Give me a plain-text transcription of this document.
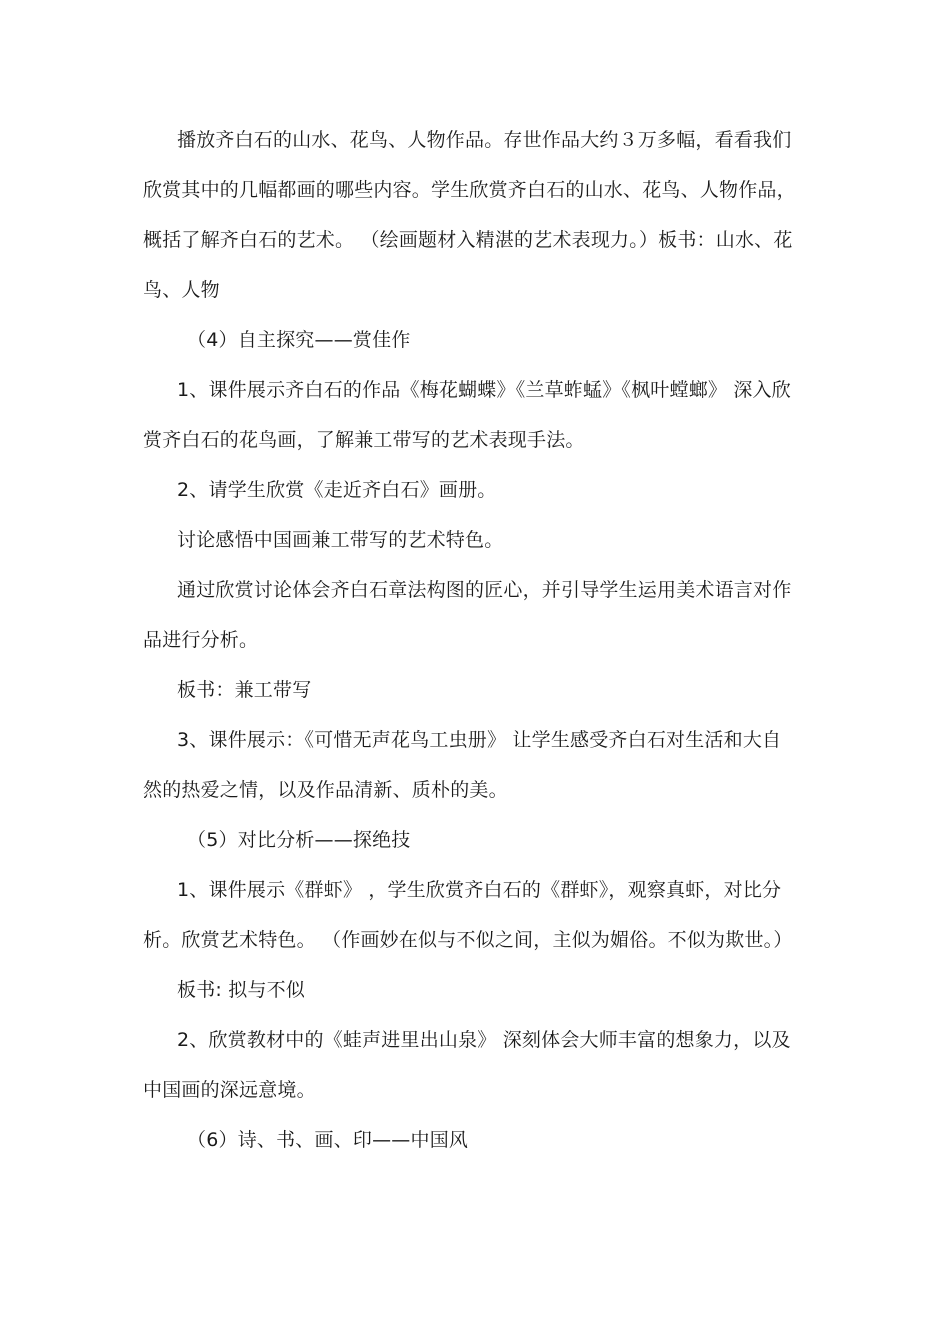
播放齐白石的山水、花鸟、人物作品。存世作品大约３万多幅，看看我们欣赏其中的几幅都画的哪些内容。学生欣赏齐白石的山水、花鸟、人物作品，概括了解齐白石的艺术。 （绘画题材入精湛的艺术表现力。）板书：山水、花鸟、人物

（4）自主探究——赏佳作

1、课件展示齐白石的作品《梅花蝴蝶》《兰草蚱蜢》《枫叶螳螂》 深入欣赏齐白石的花鸟画，了解兼工带写的艺术表现手法。

2、请学生欣赏《走近齐白石》画册。

讨论感悟中国画兼工带写的艺术特色。

通过欣赏讨论体会齐白石章法构图的匠心，并引导学生运用美术语言对作品进行分析。

板书：兼工带写

3、课件展示：《可惜无声花鸟工虫册》 让学生感受齐白石对生活和大自然的热爱之情，以及作品清新、质朴的美。

（5）对比分析——探绝技

1、课件展示《群虾》 ，学生欣赏齐白石的《群虾》，观察真虾，对比分析。欣赏艺术特色。 （作画妙在似与不似之间，主似为媚俗。不似为欺世。）

板书: 拟与不似

2、欣赏教材中的《蛙声进里出山泉》 深刻体会大师丰富的想象力，以及中国画的深远意境。

（6）诗、书、画、印——中国风
